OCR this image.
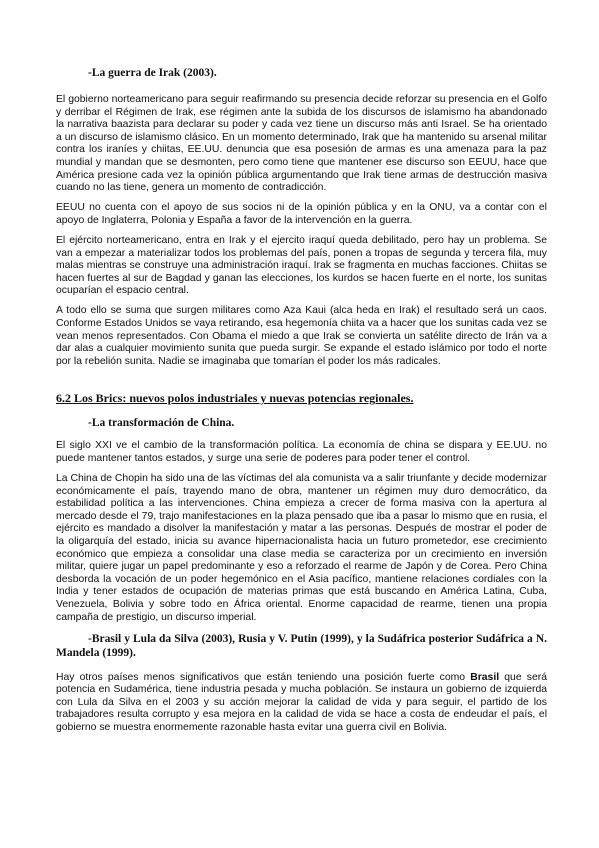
-La guerra de Irak (2003).

El gobierno norteamericano para seguir reafirmando su presencia decide reforzar su presencia en el Golfo y derribar el Régimen de Irak, ese régimen ante la subida de los discursos de islamismo ha abandonado la narrativa baazista para declarar su poder y cada vez tiene un discurso más anti Israel. Se ha orientado a un discurso de islamismo clásico. En un momento determinado, Irak que ha mantenido su arsenal militar contra los iraníes y chiitas, EE.UU. denuncia que esa posesión de armas es una amenaza para la paz mundial y mandan que se desmonten, pero como tiene que mantener ese discurso son EEUU, hace que América presione cada vez la opinión pública argumentando que Irak tiene armas de destrucción masiva cuando no las tiene, genera un momento de contradicción.

EEUU no cuenta con el apoyo de sus socios ni de la opinión pública y en la ONU, va a contar con el apoyo de Inglaterra, Polonia y España a favor de la intervención en la guerra.

El ejército norteamericano, entra en Irak y el ejercito iraquí queda debilitado, pero hay un problema. Se van a empezar a materializar todos los problemas del país, ponen a tropas de segunda y tercera fila, muy malas mientras se construye una administración iraquí. Irak se fragmenta en muchas facciones. Chiitas se hacen fuertes al sur de Bagdad y ganan las elecciones, los kurdos se hacen fuerte en el norte, los sunitas ocuparían el espacio central.

A todo ello se suma que surgen militares como Aza Kaui (alca heda en Irak) el resultado será un caos. Conforme Estados Unidos se vaya retirando, esa hegemonía chiita va a hacer que los sunitas cada vez se vean menos representados. Con Obama el miedo a que Irak se convierta un satélite directo de Irán va a dar alas a cualquier movimiento sunita que pueda surgir. Se expande el estado islámico por todo el norte por la rebelión sunita. Nadie se imaginaba que tomarían el poder los más radicales.

6.2 Los Brics: nuevos polos industriales y nuevas potencias regionales.
-La transformación de China.

El siglo XXI ve el cambio de la transformación política. La economía de china se dispara y EE.UU. no puede mantener tantos estados, y surge una serie de poderes para poder tener el control.

La China de Chopin ha sido una de las víctimas del ala comunista va a salir triunfante y decide modernizar económicamente el país, trayendo mano de obra, mantener un régimen muy duro democrático, da estabilidad política a las intervenciones. China empieza a crecer de forma masiva con la apertura al mercado desde el 79, trajo manifestaciones en la plaza pensado que iba a pasar lo mismo que en rusia, el ejército es mandado a disolver la manifestación y matar a las personas. Después de mostrar el poder de la oligarquía del estado, inicia su avance hipernacionalista hacia un futuro prometedor, ese crecimiento económico que empieza a consolidar una clase media se caracteriza por un crecimiento en inversión militar, quiere jugar un papel predominante y eso a reforzado el rearme de Japón y de Corea. Pero China desborda la vocación de un poder hegemónico en el Asia pacífico, mantiene relaciones cordiales con la India y tener estados de ocupación de materias primas que está buscando en América Latina, Cuba, Venezuela, Bolivia y sobre todo en África oriental. Enorme capacidad de rearme, tienen una propia campaña de prestigio, un discurso imperial.

-Brasil y Lula da Silva (2003), Rusia y V. Putin (1999), y la Sudáfrica posterior Sudáfrica a N. Mandela (1999).

Hay otros países menos significativos que están teniendo una posición fuerte como Brasil que será potencia en Sudamérica, tiene industria pesada y mucha población. Se instaura un gobierno de izquierda con Lula da Silva en el 2003 y su acción mejorar la calidad de vida y para seguir, el partido de los trabajadores resulta corrupto y esa mejora en la calidad de vida se hace a costa de endeudar el país, el gobierno se muestra enormemente razonable hasta evitar una guerra civil en Bolivia.
